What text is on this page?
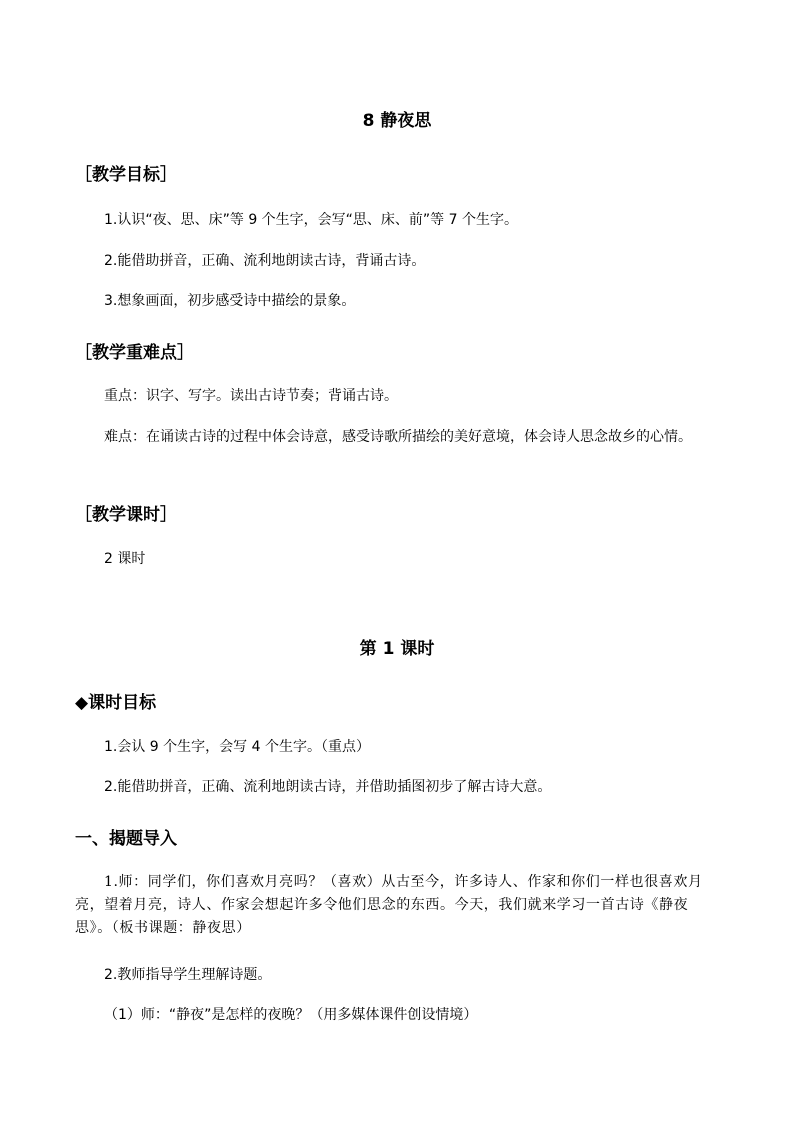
8 静夜思
［教学目标］
1.认识“夜、思、床”等 9 个生字，会写“思、床、前”等 7 个生字。
2.能借助拼音，正确、流利地朗读古诗，背诵古诗。
3.想象画面，初步感受诗中描绘的景象。
［教学重难点］
重点：识字、写字。读出古诗节奏；背诵古诗。
难点：在诵读古诗的过程中体会诗意，感受诗歌所描绘的美好意境，体会诗人思念故乡的心情。
［教学课时］
2 课时
第 1 课时
◆课时目标
1.会认 9 个生字，会写 4 个生字。（重点）
2.能借助拼音，正确、流利地朗读古诗，并借助插图初步了解古诗大意。
一、揭题导入
1.师：同学们，你们喜欢月亮吗？（喜欢）从古至今，许多诗人、作家和你们一样也很喜欢月亮，望着月亮，诗人、作家会想起许多令他们思念的东西。今天，我们就来学习一首古诗《静夜思》。（板书课题：静夜思）
2.教师指导学生理解诗题。
（1）师：“静夜”是怎样的夜晚？（用多媒体课件创设情境）
